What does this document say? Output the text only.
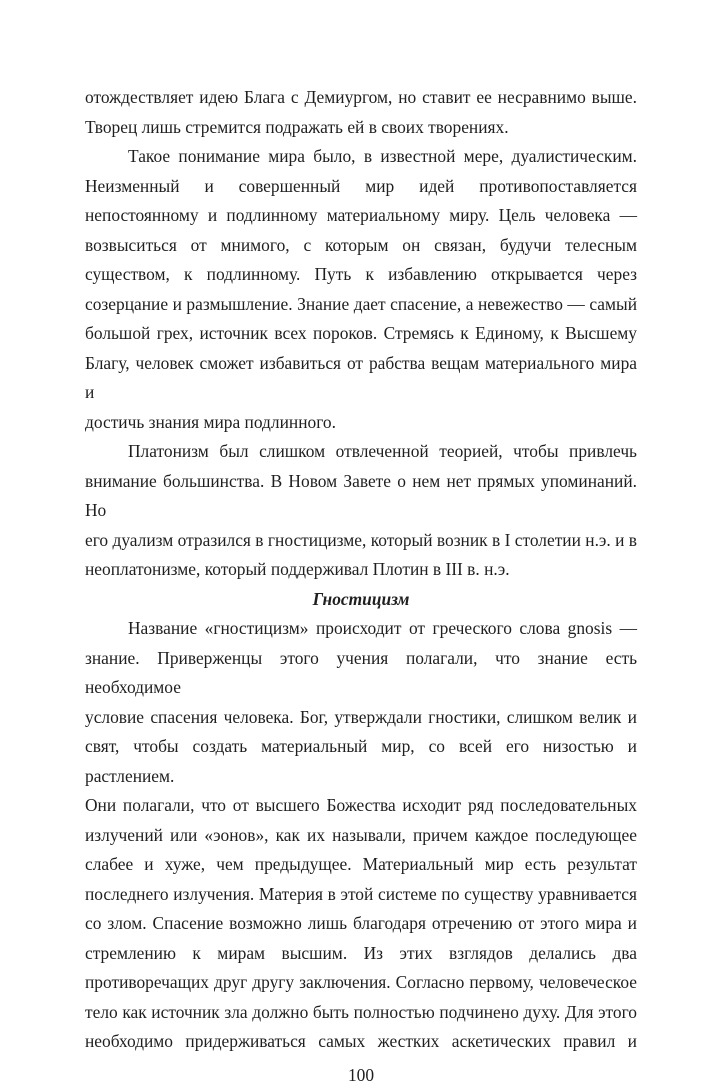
отождествляет идею Блага с Демиургом, но ставит ее несравнимо выше.
Творец лишь стремится подражать ей в своих творениях.

Такое понимание мира было, в известной мере, дуалистическим.
Неизменный и совершенный мир идей противопоставляется
непостоянному и подлинному материальному миру. Цель человека —
возвыситься от мнимого, с которым он связан, будучи телесным
существом, к подлинному. Путь к избавлению открывается через
созерцание и размышление. Знание дает спасение, а невежество — самый
большой грех, источник всех пороков. Стремясь к Единому, к Высшему
Благу, человек сможет избавиться от рабства вещам материального мира и
достичь знания мира подлинного.

Платонизм был слишком отвлеченной теорией, чтобы привлечь
внимание большинства. В Новом Завете о нем нет прямых упоминаний. Но
его дуализм отразился в гностицизме, который возник в I столетии н.э. и в
неоплатонизме, который поддерживал Плотин в III в. н.э.

Гностицизм

Название «гностицизм» происходит от греческого слова gnosis —
знание. Приверженцы этого учения полагали, что знание есть необходимое
условие спасения человека. Бог, утверждали гностики, слишком велик и
свят, чтобы создать материальный мир, со всей его низостью и растлением.
Они полагали, что от высшего Божества исходит ряд последовательных
излучений или «эонов», как их называли, причем каждое последующее
слабее и хуже, чем предыдущее. Материальный мир есть результат
последнего излучения. Материя в этой системе по существу уравнивается
со злом. Спасение возможно лишь благодаря отречению от этого мира и
стремлению к мирам высшим. Из этих взглядов делались два
противоречащих друг другу заключения. Согласно первому, человеческое
тело как источник зла должно быть полностью подчинено духу. Для этого
необходимо придерживаться самых жестких аскетических правил и

100
